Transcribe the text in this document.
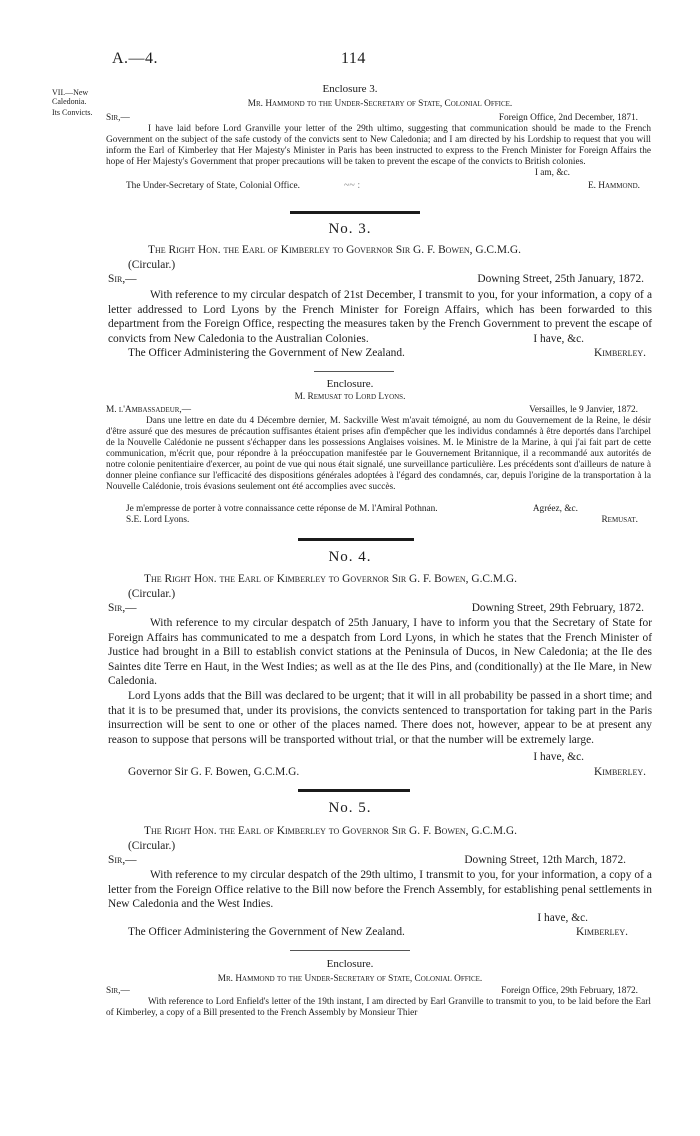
A.—4.	114
VII.—New
Caledonia.
Its Convicts.
Enclosure 3.
Mr. Hammond to the Under-Secretary of State, Colonial Office.
Sir,—	Foreign Office, 2nd December, 1871.
I have laid before Lord Granville your letter of the 29th ultimo, suggesting that communication should be made to the French Government on the subject of the safe custody of the convicts sent to New Caledonia; and I am directed by his Lordship to request that you will inform the Earl of Kimberley that Her Majesty's Minister in Paris has been instructed to express to the French Minister for Foreign Affairs the hope of Her Majesty's Government that proper precautions will be taken to prevent the escape of the convicts to British colonies.
I am, &c.
The Under-Secretary of State, Colonial Office.	~~ :	E. Hammond.
No. 3.
The Right Hon. the Earl of Kimberley to Governor Sir G. F. Bowen, G.C.M.G.
(Circular.)
Sir,—	Downing Street, 25th January, 1872.
With reference to my circular despatch of 21st December, I transmit to you, for your information, a copy of a letter addressed to Lord Lyons by the French Minister for Foreign Affairs, which has been forwarded to this department from the Foreign Office, respecting the measures taken by the French Government to prevent the escape of convicts from New Caledonia to the Australian Colonies.	I have, &c.
The Officer Administering the Government of New Zealand.	Kimberley.
Enclosure.
M. Remusat to Lord Lyons.
M. l'Ambassadeur,—	Versailles, le 9 Janvier, 1872.
Dans une lettre en date du 4 Décembre dernier, M. Sackville West m'avait témoigné, au nom du Gouvernement de la Reine, le désir d'être assuré que des mesures de précaution suffisantes étaient prises afin d'empêcher que les individus condamnés à être deportés dans l'archipel de la Nouvelle Calédonie ne pussent s'échapper dans les possessions Anglaises voisines. M. le Ministre de la Marine, à qui j'ai fait part de cette communication, m'écrit que, pour répondre à la préoccupation manifestée par le Gouvernement Britannique, il a recommandé aux autorités de notre colonie penitentiaire d'exercer, au point de vue qui nous était signalé, une surveillance particulière. Les précédents sont d'ailleurs de nature à donner pleine confiance sur l'efficacité des dispositions générales adoptées à l'égard des condamnés, car, depuis l'origine de la transportation à la Nouvelle Calédonie, trois évasions seulement ont été accomplies avec succès.
Je m'empresse de porter à votre connaissance cette réponse de M. l'Amiral Pothnan.	Agréez, &c.
S.E. Lord Lyons.	Remusat.
No. 4.
The Right Hon. the Earl of Kimberley to Governor Sir G. F. Bowen, G.C.M.G.
(Circular.)
Sir,—	Downing Street, 29th February, 1872.
With reference to my circular despatch of 25th January, I have to inform you that the Secretary of State for Foreign Affairs has communicated to me a despatch from Lord Lyons, in which he states that the French Minister of Justice had brought in a Bill to establish convict stations at the Peninsula of Ducos, in New Caledonia; at the Ile des Saintes dite Terre en Haut, in the West Indies; as well as at the Ile des Pins, and (conditionally) at the Ile Mare, in New Caledonia.
Lord Lyons adds that the Bill was declared to be urgent; that it will in all probability be passed in a short time; and that it is to be presumed that, under its provisions, the convicts sentenced to transportation for taking part in the Paris insurrection will be sent to one or other of the places named. There does not, however, appear to be at present any reason to suppose that persons will be transported without trial, or that the number will be extremely large.
I have, &c.
Governor Sir G. F. Bowen, G.C.M.G.	Kimberley.
No. 5.
The Right Hon. the Earl of Kimberley to Governor Sir G. F. Bowen, G.C.M.G.
(Circular.)
Sir,—	Downing Street, 12th March, 1872.
With reference to my circular despatch of the 29th ultimo, I transmit to you, for your information, a copy of a letter from the Foreign Office relative to the Bill now before the French Assembly, for establishing penal settlements in New Caledonia and the West Indies.
I have, &c.
The Officer Administering the Government of New Zealand.	Kimberley.
Enclosure.
Mr. Hammond to the Under-Secretary of State, Colonial Office.
Sir,—	Foreign Office, 29th February, 1872.
With reference to Lord Enfield's letter of the 19th instant, I am directed by Earl Granville to transmit to you, to be laid before the Earl of Kimberley, a copy of a Bill presented to the French Assembly by Monsieur Thier
